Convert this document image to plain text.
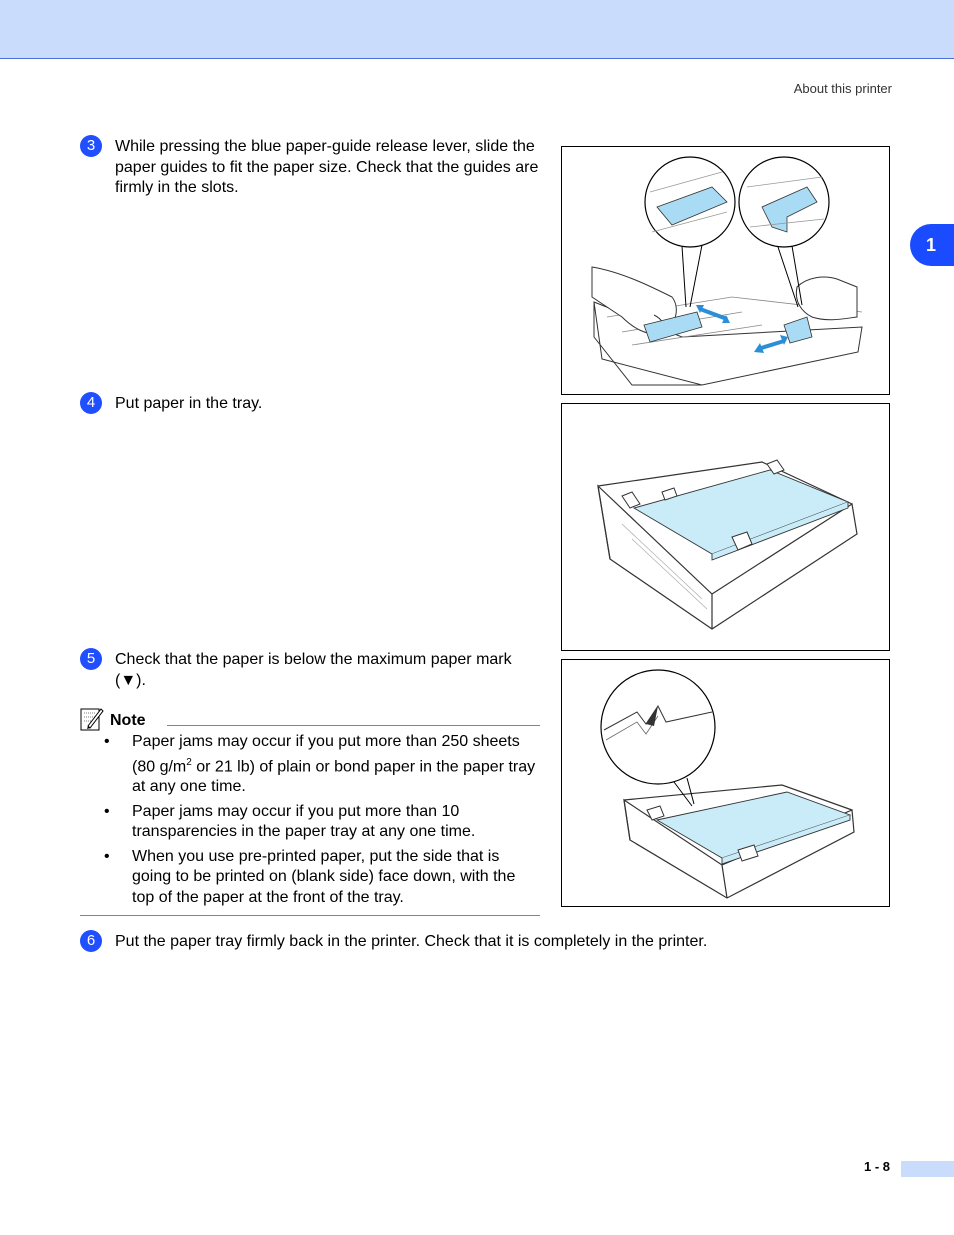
About this printer
1
3	While pressing the blue paper-guide release lever, slide the paper guides to fit the paper size. Check that the guides are firmly in the slots.
4	Put paper in the tray.
5	Check that the paper is below the maximum paper mark (▼).
Note
• Paper jams may occur if you put more than 250 sheets (80 $g/m^2$ or 21 lb) of plain or bond paper in the paper tray at any one time.
• Paper jams may occur if you put more than 10 transparencies in the paper tray at any one time.
• When you use pre-printed paper, put the side that is going to be printed on (blank side) face down, with the top of the paper at the front of the tray.
6	Put the paper tray firmly back in the printer. Check that it is completely in the printer.
1 - 8
